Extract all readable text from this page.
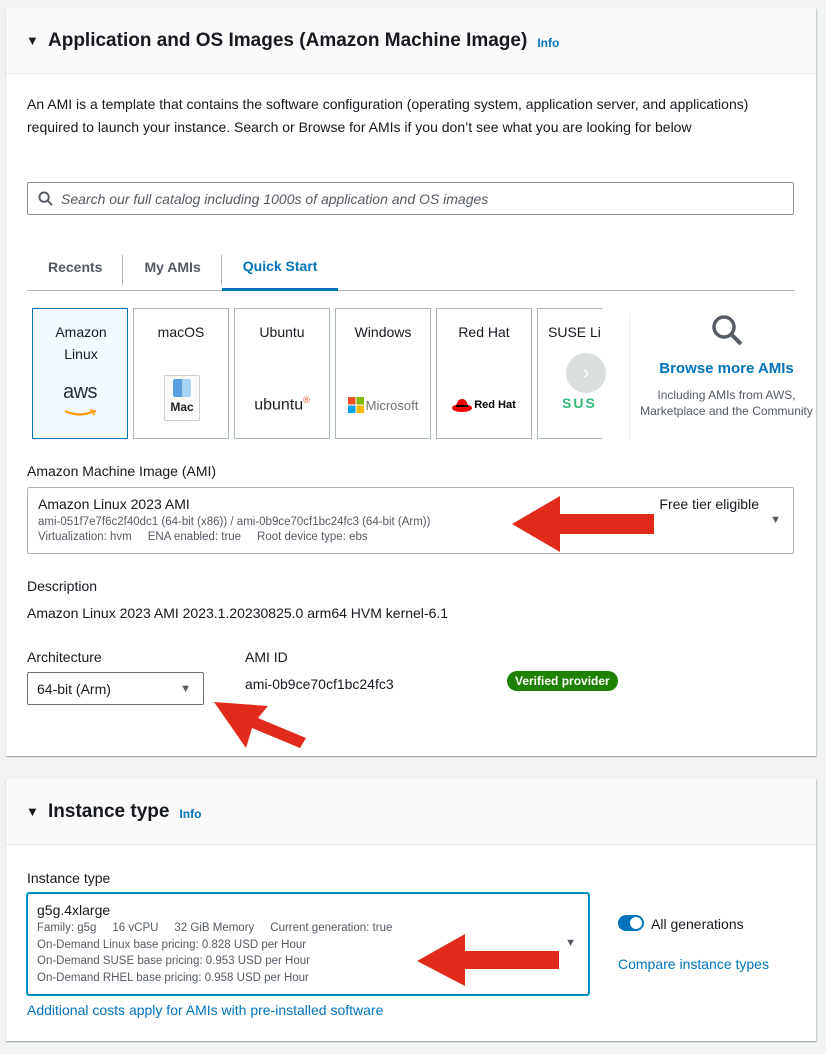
▼ Application and OS Images (Amazon Machine Image) Info

An AMI is a template that contains the software configuration (operating system, application server, and applications) required to launch your instance. Search or Browse for AMIs if you don’t see what you are looking for below

Search our full catalog including 1000s of application and OS images
Recents	My AMIs	Quick Start
Amazon Linux
aws
macOS
Mac
Ubuntu
ubuntu®
Windows
Microsoft
Red Hat
Red Hat
SUSE Li
SUS
›	Browse more AMIs
Including AMIs from AWS, Marketplace and the Community
Amazon Machine Image (AMI)
Amazon Linux 2023 AMI
ami-051f7e7f6c2f40dc1 (64-bit (x86)) / ami-0b9ce70cf1bc24fc3 (64-bit (Arm))
Virtualization: hvm     ENA enabled: true     Root device type: ebs
Free tier eligible
▼
Description
Amazon Linux 2023 AMI 2023.1.20230825.0 arm64 HVM kernel-6.1
Architecture
64-bit (Arm)	▼
AMI ID
ami-0b9ce70cf1bc24fc3	Verified provider
▼ Instance type Info
Instance type
g5g.4xlarge
Family: g5g     16 vCPU     32 GiB Memory     Current generation: true
On-Demand Linux base pricing: 0.828 USD per Hour
On-Demand SUSE base pricing: 0.953 USD per Hour
On-Demand RHEL base pricing: 0.958 USD per Hour
▼
All generations
Compare instance types
Additional costs apply for AMIs with pre-installed software
